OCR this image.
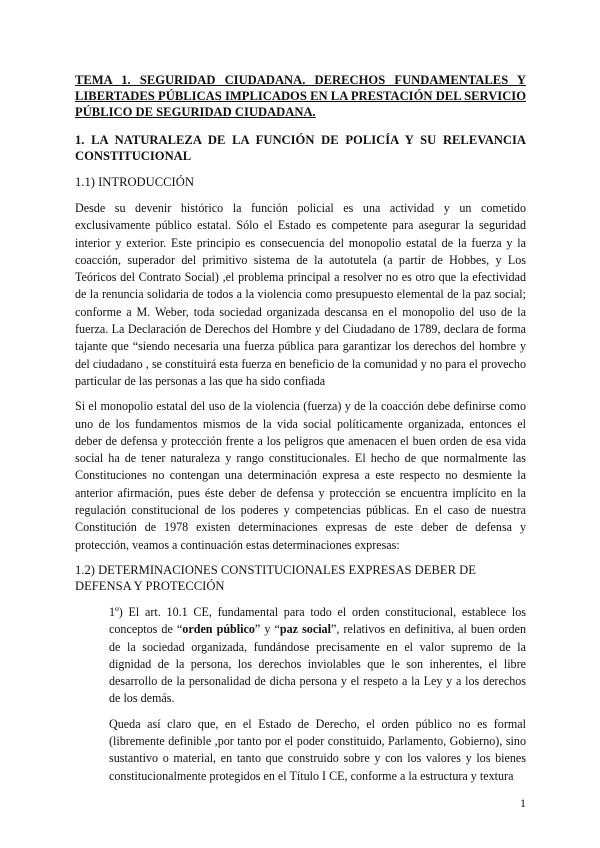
TEMA 1. SEGURIDAD CIUDADANA. DERECHOS FUNDAMENTALES Y LIBERTADES PÚBLICAS IMPLICADOS EN LA PRESTACIÓN DEL SERVICIO PÚBLICO DE SEGURIDAD CIUDADANA.
1. LA NATURALEZA DE LA FUNCIÓN DE POLICÍA Y SU RELEVANCIA CONSTITUCIONAL
1.1) INTRODUCCIÓN

Desde su devenir histórico la función policial es una actividad y un cometido exclusivamente público estatal. Sólo el Estado es competente para asegurar la seguridad interior y exterior. Este principio es consecuencia del monopolio estatal de la fuerza y la coacción, superador del primitivo sistema de la autotutela (a partir de Hobbes, y Los Teóricos del Contrato Social) ,el problema principal a resolver no es otro que la efectividad de la renuncia solidaria de todos a la violencia como presupuesto elemental de la paz social; conforme a M. Weber, toda sociedad organizada descansa en el monopolio del uso de la fuerza. La Declaración de Derechos del Hombre y del Ciudadano de 1789, declara de forma tajante que “siendo necesaria una fuerza pública para garantizar los derechos del hombre y del ciudadano , se constituirá esta fuerza en beneficio de la comunidad y no para el provecho particular de las personas a las que ha sido confiada

Si el monopolio estatal del uso de la violencia (fuerza) y de la coacción debe definirse como uno de los fundamentos mismos de la vida social políticamente organizada, entonces el deber de defensa y protección frente a los peligros que amenacen el buen orden de esa vida social ha de tener naturaleza y rango constitucionales. El hecho de que normalmente las Constituciones no contengan una determinación expresa a este respecto no desmiente la anterior afirmación, pues éste deber de defensa y protección se encuentra implícito en la regulación constitucional de los poderes y competencias públicas. En el caso de nuestra Constitución de 1978 existen determinaciones expresas de este deber de defensa y protección, veamos a continuación estas determinaciones expresas:

1.2) DETERMINACIONES CONSTITUCIONALES EXPRESAS DEBER DE DEFENSA Y PROTECCIÓN

1º) El art. 10.1 CE, fundamental para todo el orden constitucional, establece los conceptos de “orden público” y “paz social”, relativos en definitiva, al buen orden de la sociedad organizada, fundándose precisamente en el valor supremo de la dignidad de la persona, los derechos inviolables que le son inherentes, el libre desarrollo de la personalidad de dicha persona y el respeto a la Ley y a los derechos de los demás.

Queda así claro que, en el Estado de Derecho, el orden público no es formal (libremente definible ,por tanto por el poder constituido, Parlamento, Gobierno), sino sustantivo o material, en tanto que construido sobre y con los valores y los bienes constitucionalmente protegidos en el Título I CE, conforme a la estructura y textura

1
